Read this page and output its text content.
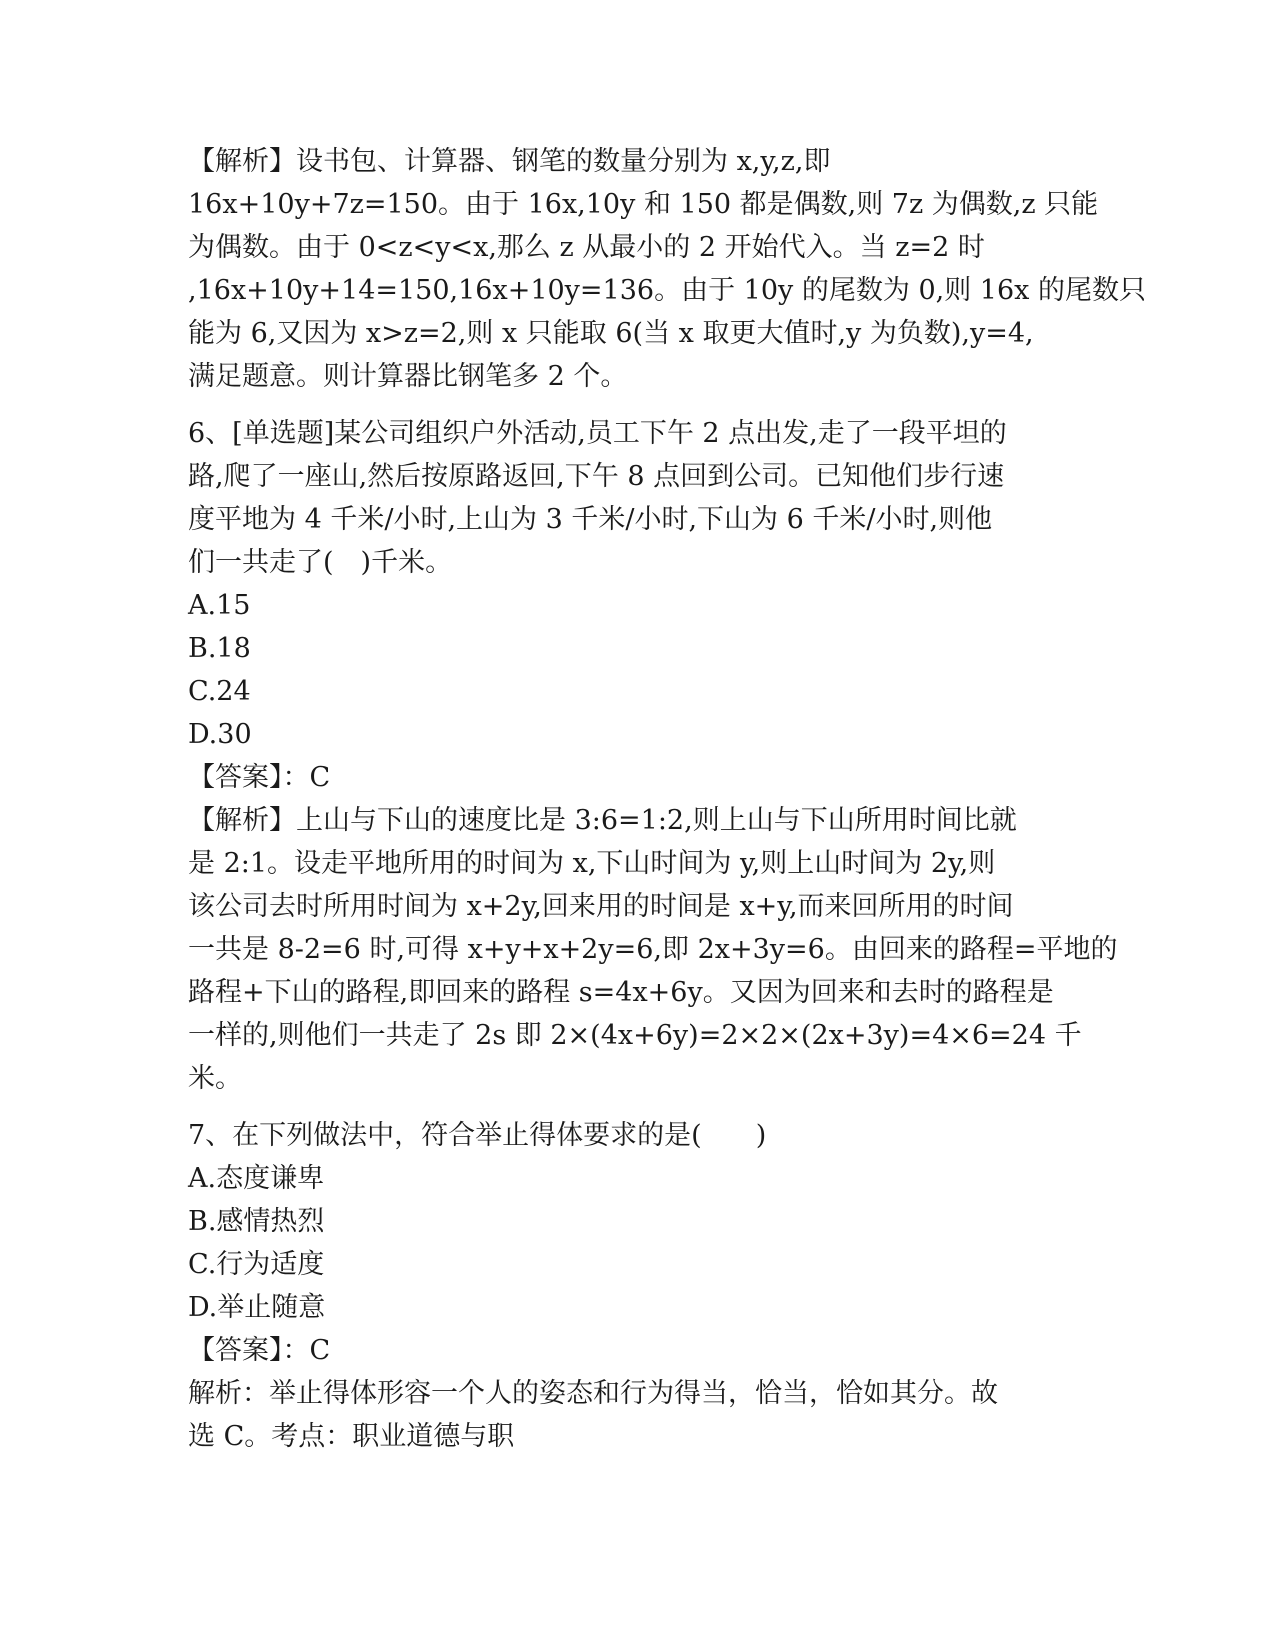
【解析】设书包、计算器、钢笔的数量分别为 x,y,z,即
16x+10y+7z=150。由于 16x,10y 和 150 都是偶数,则 7z 为偶数,z 只能
为偶数。由于 0<z<y<x,那么 z 从最小的 2 开始代入。当 z=2 时
,16x+10y+14=150,16x+10y=136。由于 10y 的尾数为 0,则 16x 的尾数只
能为 6,又因为 x>z=2,则 x 只能取 6(当 x 取更大值时,y 为负数),y=4,
满足题意。则计算器比钢笔多 2 个。
6、[单选题]某公司组织户外活动,员工下午 2 点出发,走了一段平坦的
路,爬了一座山,然后按原路返回,下午 8 点回到公司。已知他们步行速
度平地为 4 千米/小时,上山为 3 千米/小时,下山为 6 千米/小时,则他
们一共走了(　)千米。
A.15
B.18
C.24
D.30
【答案】：C
【解析】上山与下山的速度比是 3:6=1:2,则上山与下山所用时间比就
是 2:1。设走平地所用的时间为 x,下山时间为 y,则上山时间为 2y,则
该公司去时所用时间为 x+2y,回来用的时间是 x+y,而来回所用的时间
一共是 8-2=6 时,可得 x+y+x+2y=6,即 2x+3y=6。由回来的路程=平地的
路程+下山的路程,即回来的路程 s=4x+6y。又因为回来和去时的路程是
一样的,则他们一共走了 2s 即 2×(4x+6y)=2×2×(2x+3y)=4×6=24 千
米。
7、在下列做法中，符合举止得体要求的是(　　)
A.态度谦卑
B.感情热烈
C.行为适度
D.举止随意
【答案】：C
解析：举止得体形容一个人的姿态和行为得当，恰当，恰如其分。故
选 C。考点：职业道德与职
